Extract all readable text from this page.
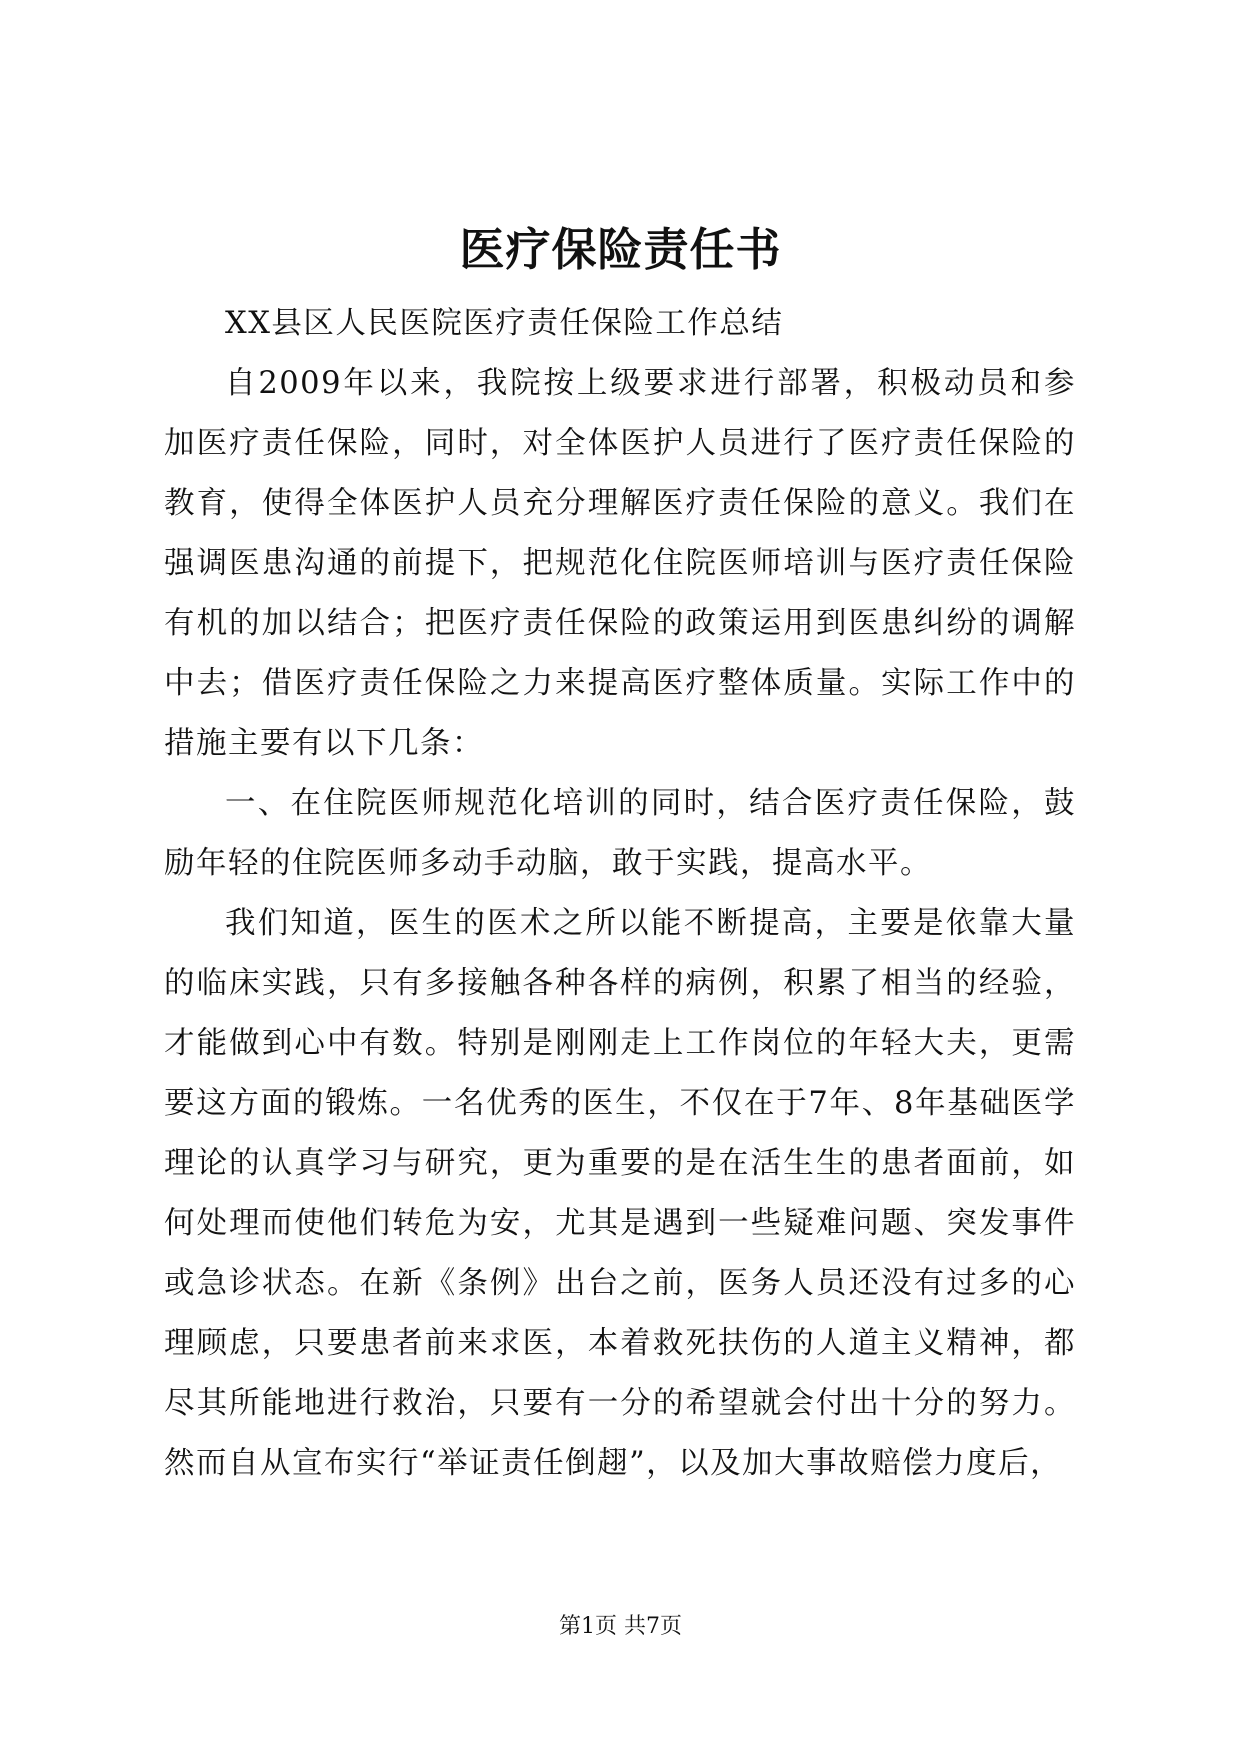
医疗保险责任书

XX县区人民医院医疗责任保险工作总结

自2009年以来，我院按上级要求进行部署，积极动员和参加医疗责任保险，同时，对全体医护人员进行了医疗责任保险的教育，使得全体医护人员充分理解医疗责任保险的意义。我们在强调医患沟通的前提下，把规范化住院医师培训与医疗责任保险有机的加以结合；把医疗责任保险的政策运用到医患纠纷的调解中去；借医疗责任保险之力来提高医疗整体质量。实际工作中的措施主要有以下几条：

一、在住院医师规范化培训的同时，结合医疗责任保险，鼓励年轻的住院医师多动手动脑，敢于实践，提高水平。

我们知道，医生的医术之所以能不断提高，主要是依靠大量的临床实践，只有多接触各种各样的病例，积累了相当的经验，才能做到心中有数。特别是刚刚走上工作岗位的年轻大夫，更需要这方面的锻炼。一名优秀的医生，不仅在于7年、8年基础医学理论的认真学习与研究，更为重要的是在活生生的患者面前，如何处理而使他们转危为安，尤其是遇到一些疑难问题、突发事件或急诊状态。在新《条例》出台之前，医务人员还没有过多的心理顾虑，只要患者前来求医，本着救死扶伤的人道主义精神，都尽其所能地进行救治，只要有一分的希望就会付出十分的努力。然而自从宣布实行“举证责任倒趐”，以及加大事故赔偿力度后，

第1页 共7页
